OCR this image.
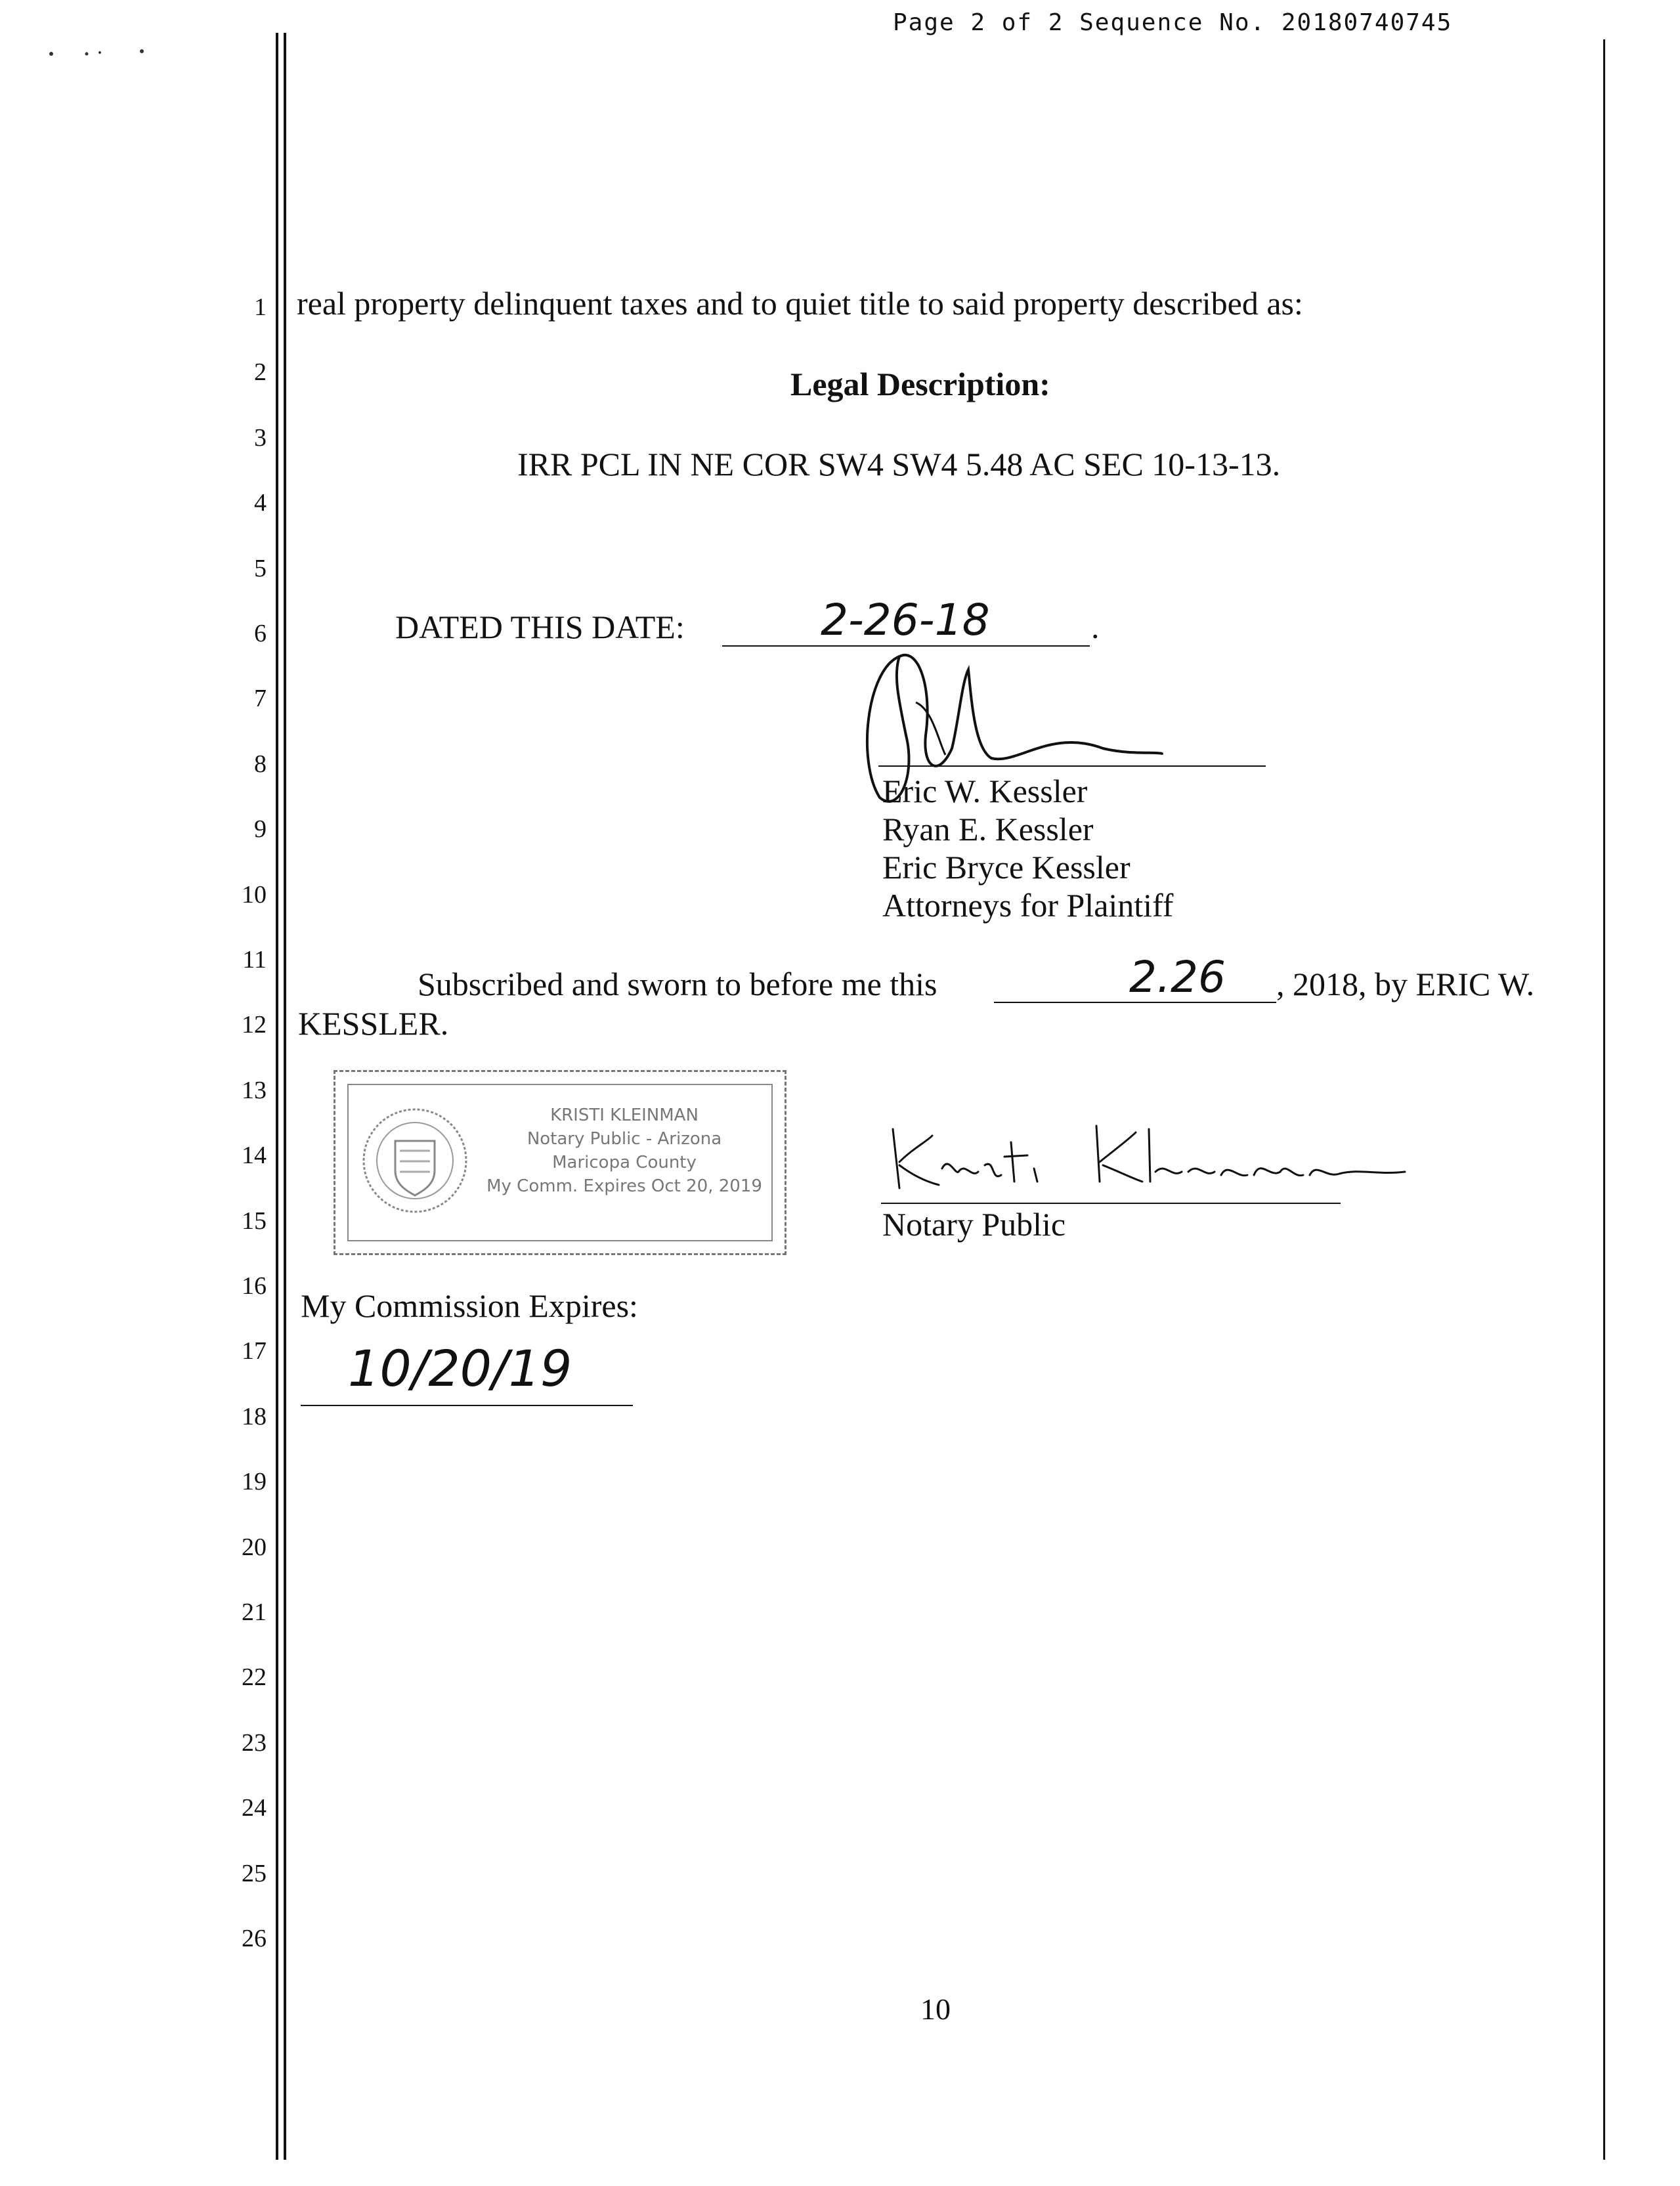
Page 2 of 2 Sequence No. 20180740745
1
2
3
4
5
6
7
8
9
10
11
12
13
14
15
16
17
18
19
20
21
22
23
24
25
26
real property delinquent taxes and to quiet title to said property described as:
Legal Description:
IRR PCL IN NE COR SW4 SW4 5.48 AC SEC 10-13-13.
DATED THIS DATE:	2-26-18	.
Eric W. Kessler
Ryan E. Kessler
Eric Bryce Kessler
Attorneys for Plaintiff
Subscribed and sworn to before me this	2.26 , 2018, by ERIC W.
KESSLER.
KRISTI KLEINMAN
Notary Public - Arizona
Maricopa County
My Comm. Expires Oct 20, 2019
Notary Public
My Commission Expires:
10/20/19
10
